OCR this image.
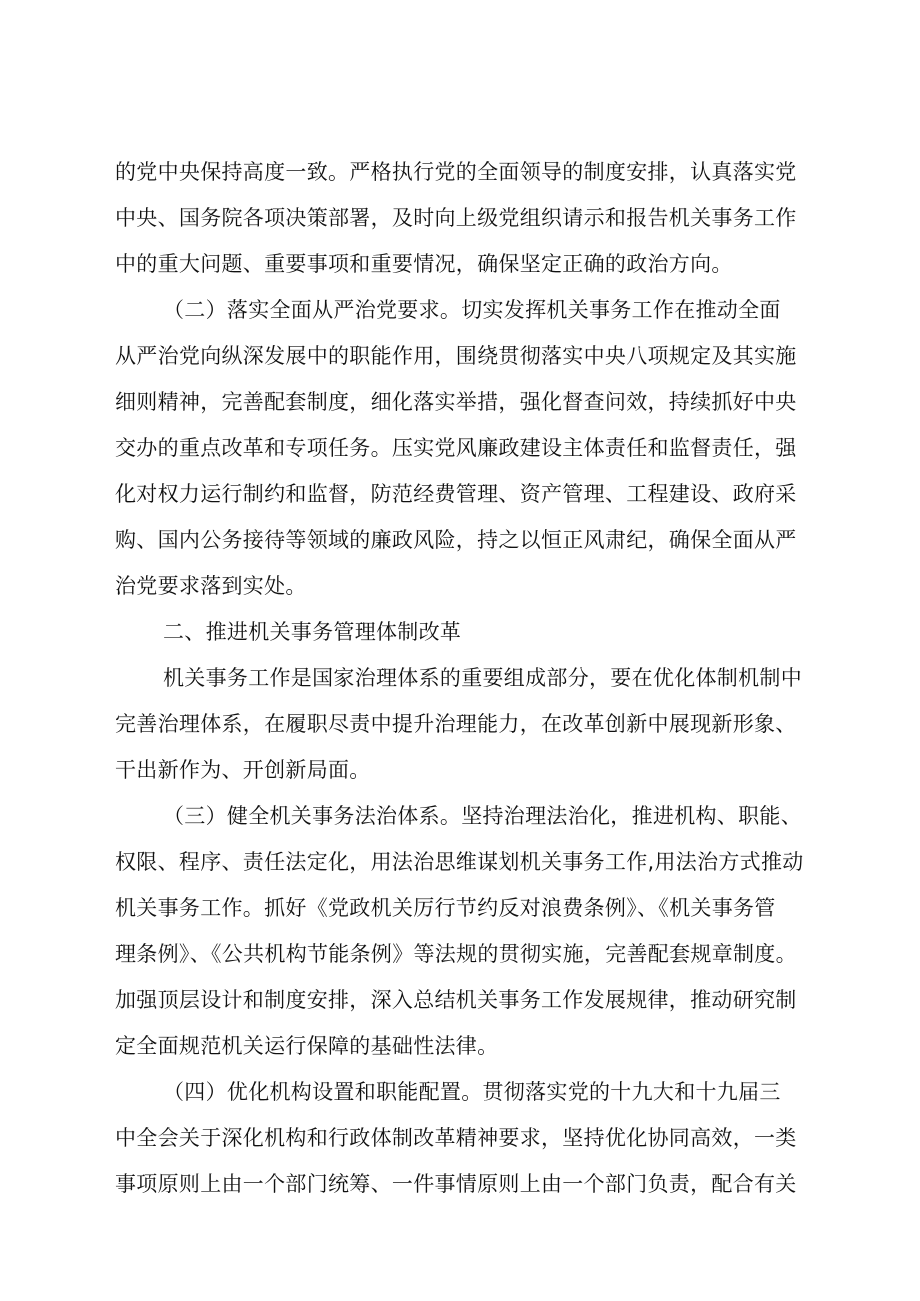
的党中央保持高度一致。严格执行党的全面领导的制度安排，认真落实党
中央、国务院各项决策部署，及时向上级党组织请示和报告机关事务工作
中的重大问题、重要事项和重要情况，确保坚定正确的政治方向。
（二）落实全面从严治党要求。切实发挥机关事务工作在推动全面
从严治党向纵深发展中的职能作用，围绕贯彻落实中央八项规定及其实施
细则精神，完善配套制度，细化落实举措，强化督查问效，持续抓好中央
交办的重点改革和专项任务。压实党风廉政建设主体责任和监督责任，强
化对权力运行制约和监督，防范经费管理、资产管理、工程建设、政府采
购、国内公务接待等领域的廉政风险，持之以恒正风肃纪，确保全面从严
治党要求落到实处。
二、推进机关事务管理体制改革
机关事务工作是国家治理体系的重要组成部分，要在优化体制机制中
完善治理体系，在履职尽责中提升治理能力，在改革创新中展现新形象、
干出新作为、开创新局面。
（三）健全机关事务法治体系。坚持治理法治化，推进机构、职能、
权限、程序、责任法定化，用法治思维谋划机关事务工作,用法治方式推动
机关事务工作。抓好《党政机关厉行节约反对浪费条例》、《机关事务管
理条例》、《公共机构节能条例》等法规的贯彻实施，完善配套规章制度。
加强顶层设计和制度安排，深入总结机关事务工作发展规律，推动研究制
定全面规范机关运行保障的基础性法律。
（四）优化机构设置和职能配置。贯彻落实党的十九大和十九届三
中全会关于深化机构和行政体制改革精神要求，坚持优化协同高效，一类
事项原则上由一个部门统筹、一件事情原则上由一个部门负责，配合有关
